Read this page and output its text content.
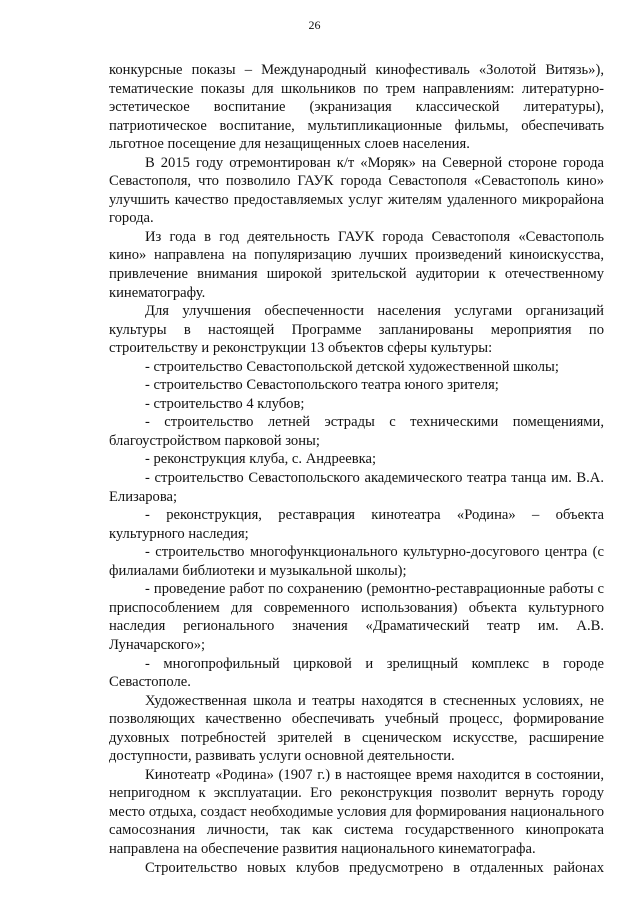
26

конкурсные показы – Международный кинофестиваль «Золотой Витязь»), тематические показы для школьников по трем направлениям: литературно-эстетическое воспитание (экранизация классической литературы), патриотическое воспитание, мультипликационные фильмы, обеспечивать льготное посещение для незащищенных слоев населения.

В 2015 году отремонтирован к/т «Моряк» на Северной стороне города Севастополя, что позволило ГАУК города Севастополя «Севастополь кино» улучшить качество предоставляемых услуг жителям удаленного микрорайона города.

Из года в год деятельность ГАУК города Севастополя «Севастополь кино» направлена на популяризацию лучших произведений киноискусства, привлечение внимания широкой зрительской аудитории к отечественному кинематографу.

Для улучшения обеспеченности населения услугами организаций культуры в настоящей Программе запланированы мероприятия по строительству и реконструкции 13 объектов сферы культуры:

- строительство Севастопольской детской художественной школы;

- строительство Севастопольского театра юного зрителя;

- строительство 4 клубов;

- строительство летней эстрады с техническими помещениями, благоустройством парковой зоны;

- реконструкция клуба, с. Андреевка;

- строительство Севастопольского академического театра танца им. В.А. Елизарова;

- реконструкция, реставрация кинотеатра «Родина» – объекта культурного наследия;

- строительство многофункционального культурно-досугового центра (с филиалами библиотеки и музыкальной школы);

- проведение работ по сохранению (ремонтно-реставрационные работы с приспособлением для современного использования) объекта культурного наследия регионального значения «Драматический театр им. А.В. Луначарского»;

- многопрофильный цирковой и зрелищный комплекс в городе Севастополе.

Художественная школа и театры находятся в стесненных условиях, не позволяющих качественно обеспечивать учебный процесс, формирование духовных потребностей зрителей в сценическом искусстве, расширение доступности, развивать услуги основной деятельности.

Кинотеатр «Родина» (1907 г.) в настоящее время находится в состоянии, непригодном к эксплуатации. Его реконструкция позволит вернуть городу место отдыха, создаст необходимые условия для формирования национального самосознания личности, так как система государственного кинопроката направлена на обеспечение развития национального кинематографа.

Строительство новых клубов предусмотрено в отдаленных районах
